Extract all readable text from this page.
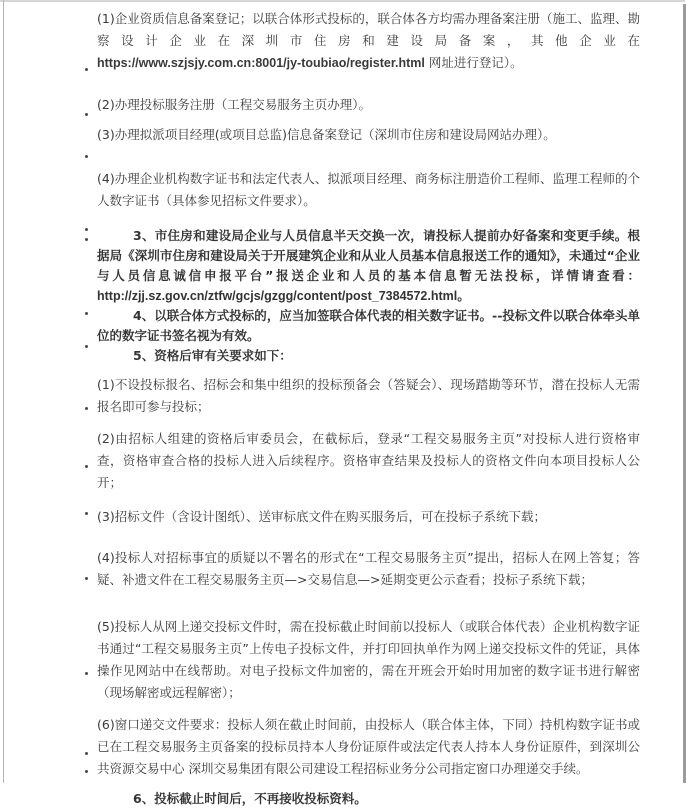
(1)企业资质信息备案登记；以联合体形式投标的，联合体各方均需办理备案注册（施工、监理、勘察设计企业在深圳市住房和建设局备案，其他企业在https://www.szjsjy.com.cn:8001/jy-toubiao/register.html 网址进行登记）。

(2)办理投标服务注册（工程交易服务主页办理）。

(3)办理拟派项目经理(或项目总监)信息备案登记（深圳市住房和建设局网站办理）。

(4)办理企业机构数字证书和法定代表人、拟派项目经理、商务标注册造价工程师、监理工程师的个人数字证书（具体参见招标文件要求）。

3、市住房和建设局企业与人员信息半天交换一次，请投标人提前办好备案和变更手续。根据局《深圳市住房和建设局关于开展建筑企业和从业人员基本信息报送工作的通知》，未通过“企业与人员信息诚信申报平台”报送企业和人员的基本信息暂无法投标，详情请查看：http://zjj.sz.gov.cn/ztfw/gcjs/gzgg/content/post_7384572.html。

4、以联合体方式投标的，应当加签联合体代表的相关数字证书。--投标文件以联合体牵头单位的数字证书签名视为有效。

5、资格后审有关要求如下：

(1)不设投标报名、招标会和集中组织的投标预备会（答疑会）、现场踏勘等环节，潜在投标人无需报名即可参与投标；

(2)由招标人组建的资格后审委员会，在截标后，登录“工程交易服务主页”对投标人进行资格审查，资格审查合格的投标人进入后续程序。资格审查结果及投标人的资格文件向本项目投标人公开；

(3)招标文件（含设计图纸）、送审标底文件在购买服务后，可在投标子系统下载；

(4)投标人对招标事宜的质疑以不署名的形式在“工程交易服务主页”提出，招标人在网上答复；答疑、补遗文件在工程交易服务主页—>交易信息—>延期变更公示查看；投标子系统下载；

(5)投标人从网上递交投标文件时，需在投标截止时间前以投标人（或联合体代表）企业机构数字证书通过“工程交易服务主页”上传电子投标文件，并打印回执单作为网上递交投标文件的凭证，具体操作见网站中在线帮助。对电子投标文件加密的，需在开班会开始时用加密的数字证书进行解密（现场解密或远程解密）；

(6)窗口递交文件要求：投标人须在截止时间前，由投标人（联合体主体，下同）持机构数字证书或已在工程交易服务主页备案的投标员持本人身份证原件或法定代表人持本人身份证原件，到深圳公共资源交易中心 深圳交易集团有限公司建设工程招标业务分公司指定窗口办理递交手续。

6、投标截止时间后，不再接收投标资料。
